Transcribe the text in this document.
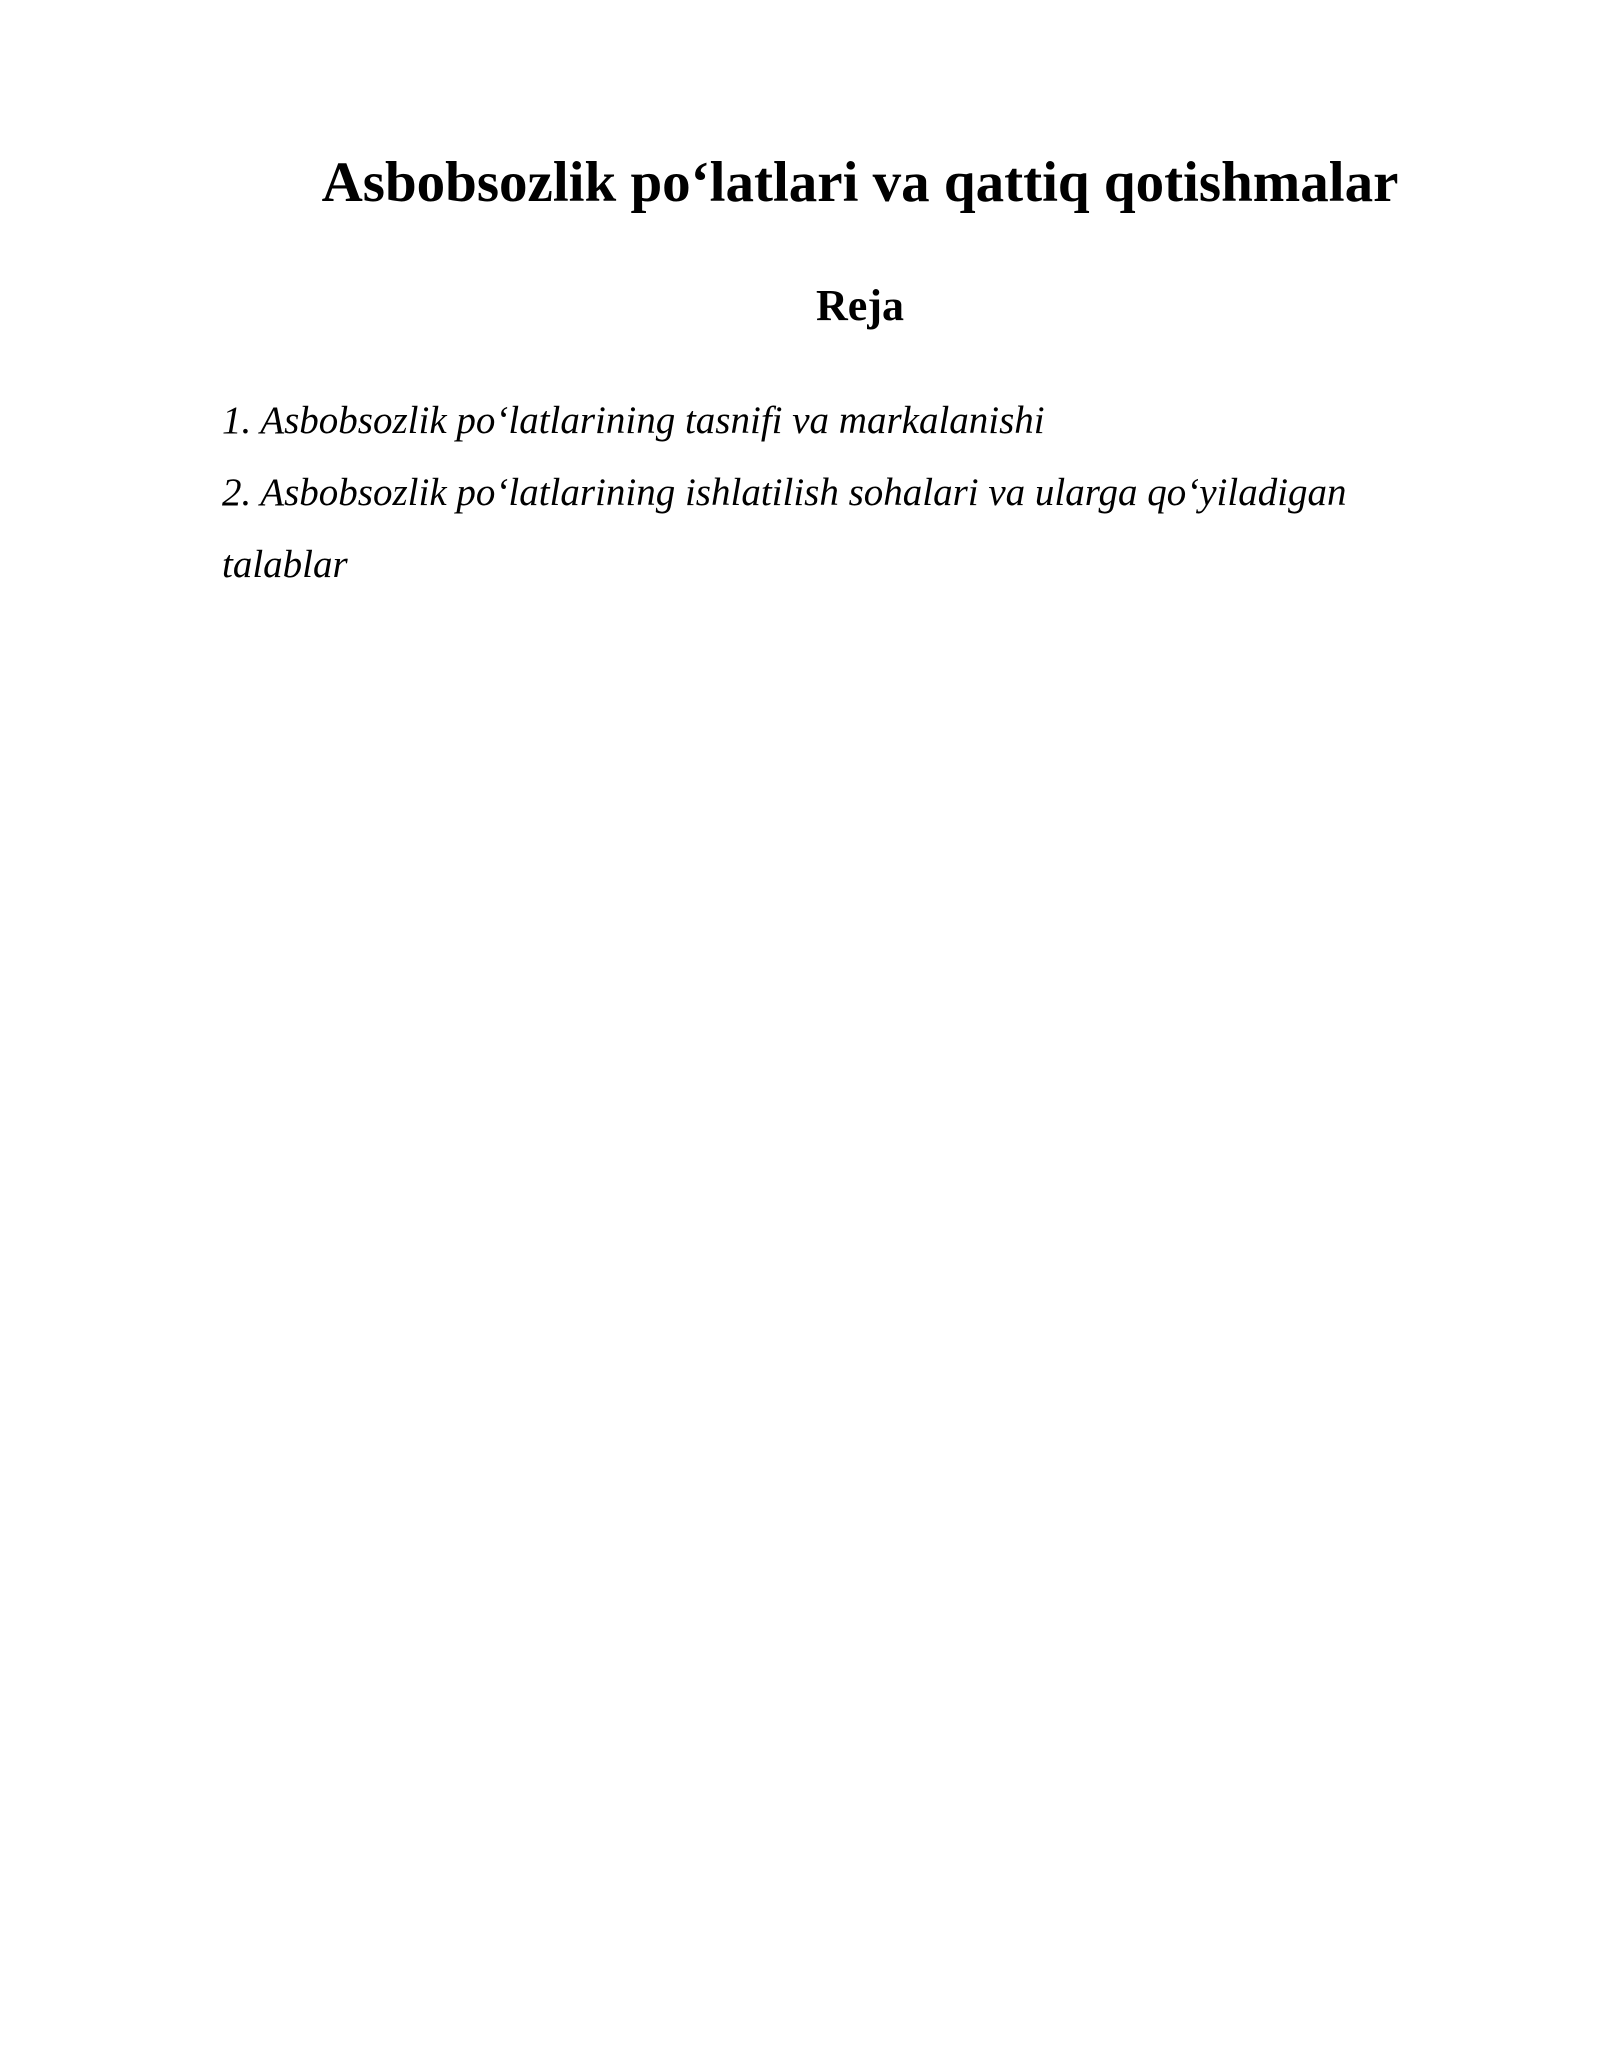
Asbobsozlik po‘latlari va qattiq qotishmalar
Reja
1. Asbobsozlik po‘latlarining tasnifi va markalanishi
2. Asbobsozlik po‘latlarining ishlatilish sohalari va ularga qo‘yiladigan talablar
